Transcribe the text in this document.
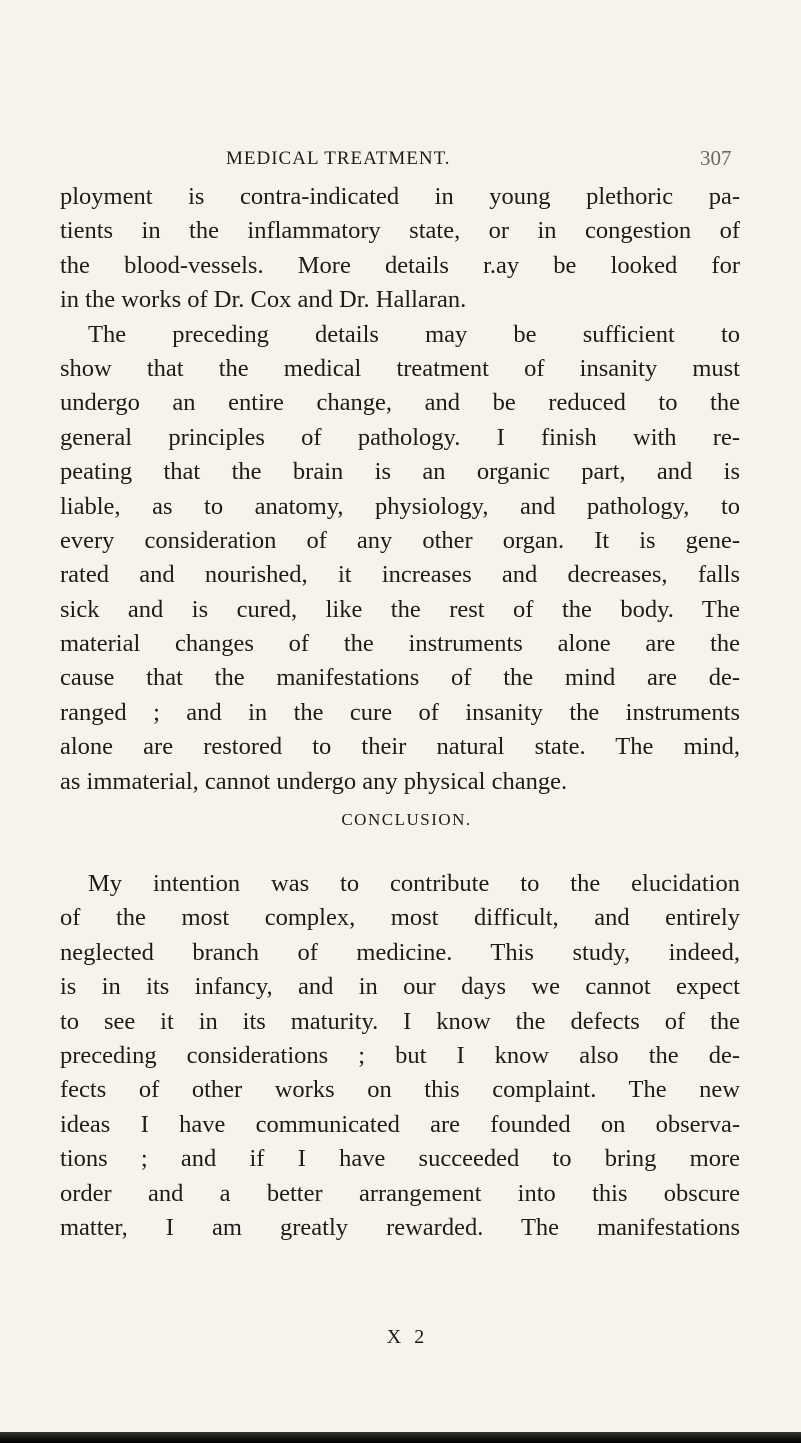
MEDICAL TREATMENT.	307
ployment is contra-indicated in young plethoric pa-
tients in the inflammatory state, or in congestion of
the blood-vessels. More details r.ay be looked for
in the works of Dr. Cox and Dr. Hallaran.
The preceding details may be sufficient to
show that the medical treatment of insanity must
undergo an entire change, and be reduced to the
general principles of pathology. I finish with re-
peating that the brain is an organic part, and is
liable, as to anatomy, physiology, and pathology, to
every consideration of any other organ. It is gene-
rated and nourished, it increases and decreases, falls
sick and is cured, like the rest of the body. The
material changes of the instruments alone are the
cause that the manifestations of the mind are de-
ranged ; and in the cure of insanity the instruments
alone are restored to their natural state. The mind,
as immaterial, cannot undergo any physical change.
CONCLUSION.
My intention was to contribute to the elucidation
of the most complex, most difficult, and entirely
neglected branch of medicine. This study, indeed,
is in its infancy, and in our days we cannot expect
to see it in its maturity. I know the defects of the
preceding considerations ; but I know also the de-
fects of other works on this complaint. The new
ideas I have communicated are founded on observa-
tions ; and if I have succeeded to bring more
order and a better arrangement into this obscure
matter, I am greatly rewarded. The manifestations
X 2
